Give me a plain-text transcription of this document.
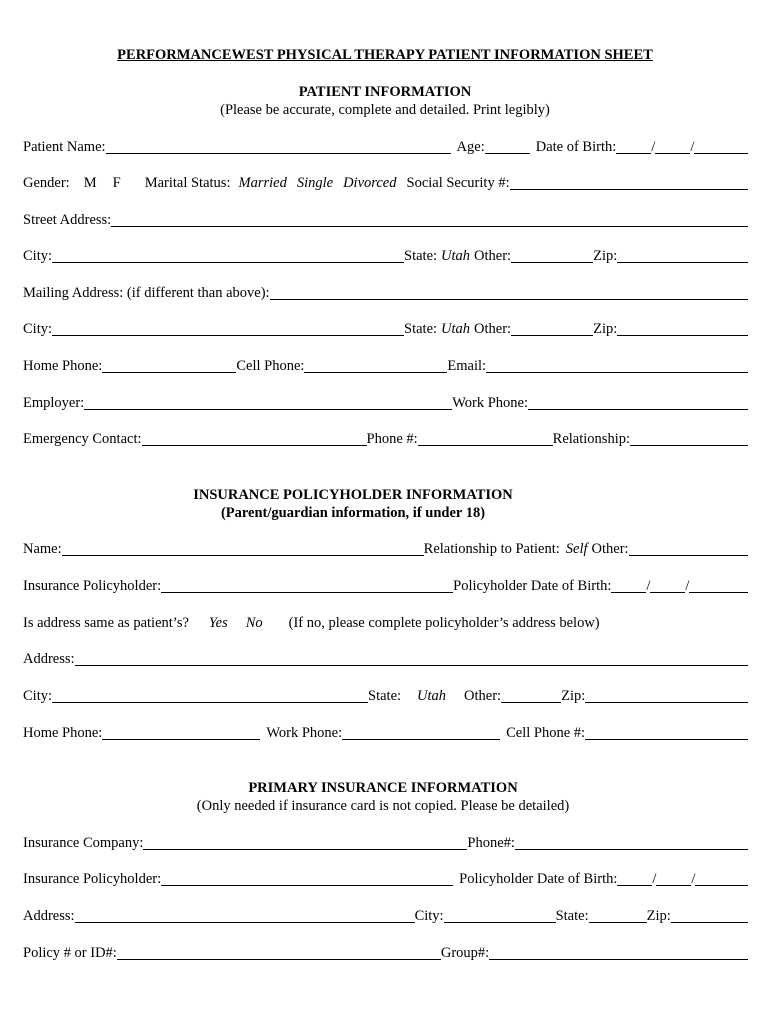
PERFORMANCEWEST PHYSICAL THERAPY PATIENT INFORMATION SHEET
PATIENT INFORMATION
(Please be accurate, complete and detailed. Print legibly)
Patient Name:	Age:	Date of Birth: / /
Gender: M F Marital Status: Married Single Divorced Social Security #:
Street Address:
City:	State: Utah Other:	Zip:
Mailing Address: (if different than above):
City:	State: Utah Other:	Zip:
Home Phone:	Cell Phone:	Email:
Employer:	Work Phone:
Emergency Contact:	Phone #:	Relationship:
INSURANCE POLICYHOLDER INFORMATION
(Parent/guardian information, if under 18)
Name:	Relationship to Patient: Self Other:
Insurance Policyholder:	Policyholder Date of Birth: / /
Is address same as patient’s? Yes No (If no, please complete policyholder’s address below)
Address:
City:	State: Utah Other:	Zip:
Home Phone:	Work Phone:	Cell Phone #:
PRIMARY INSURANCE INFORMATION
(Only needed if insurance card is not copied. Please be detailed)
Insurance Company:	Phone#:
Insurance Policyholder:	Policyholder Date of Birth: / /
Address:	City:	State:	Zip:
Policy # or ID#:	Group#:
